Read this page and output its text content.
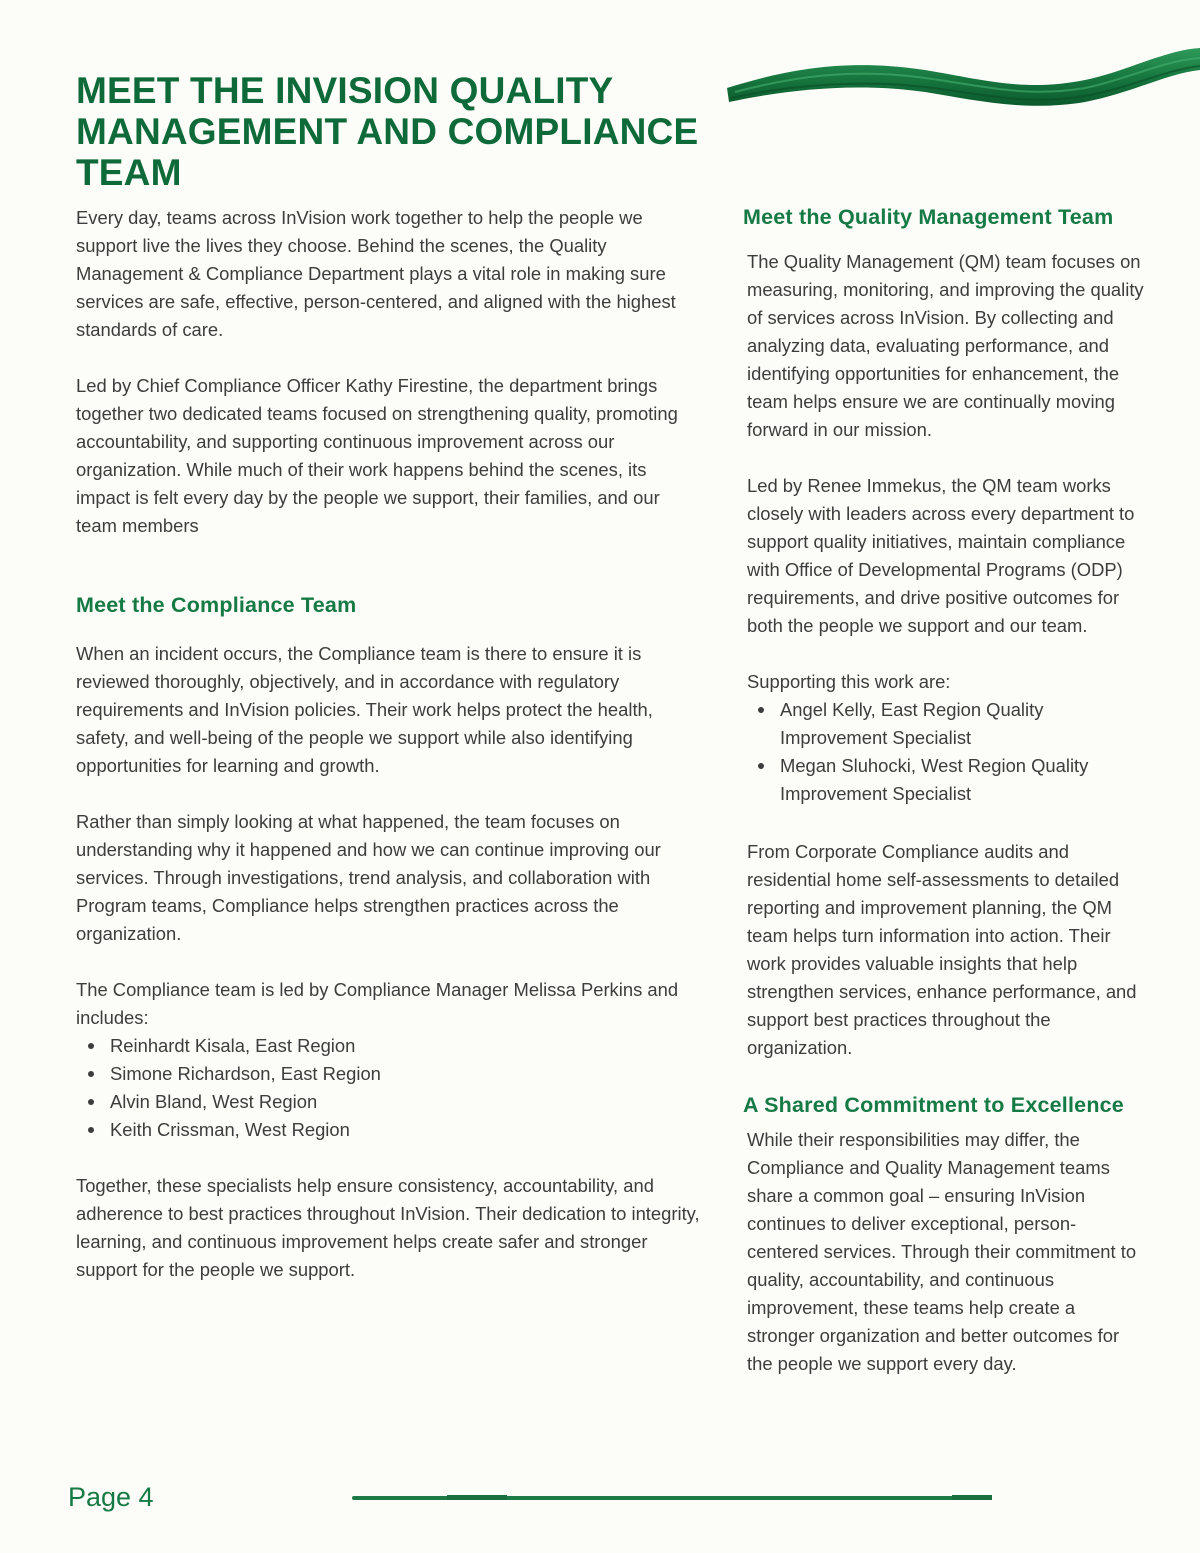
MEET THE INVISION QUALITY MANAGEMENT AND COMPLIANCE TEAM

Every day, teams across InVision work together to help the people we support live the lives they choose. Behind the scenes, the Quality Management & Compliance Department plays a vital role in making sure services are safe, effective, person-centered, and aligned with the highest standards of care.

Led by Chief Compliance Officer Kathy Firestine, the department brings together two dedicated teams focused on strengthening quality, promoting accountability, and supporting continuous improvement across our organization. While much of their work happens behind the scenes, its impact is felt every day by the people we support, their families, and our team members

Meet the Compliance Team

When an incident occurs, the Compliance team is there to ensure it is reviewed thoroughly, objectively, and in accordance with regulatory requirements and InVision policies. Their work helps protect the health, safety, and well-being of the people we support while also identifying opportunities for learning and growth.

Rather than simply looking at what happened, the team focuses on understanding why it happened and how we can continue improving our services. Through investigations, trend analysis, and collaboration with Program teams, Compliance helps strengthen practices across the organization.

The Compliance team is led by Compliance Manager Melissa Perkins and includes:

Reinhardt Kisala, East Region
Simone Richardson, East Region
Alvin Bland, West Region
Keith Crissman, West Region

Together, these specialists help ensure consistency, accountability, and adherence to best practices throughout InVision. Their dedication to integrity, learning, and continuous improvement helps create safer and stronger support for the people we support.

Meet the Quality Management Team

The Quality Management (QM) team focuses on measuring, monitoring, and improving the quality of services across InVision. By collecting and analyzing data, evaluating performance, and identifying opportunities for enhancement, the team helps ensure we are continually moving forward in our mission.

Led by Renee Immekus, the QM team works closely with leaders across every department to support quality initiatives, maintain compliance with Office of Developmental Programs (ODP) requirements, and drive positive outcomes for both the people we support and our team.

Supporting this work are:

Angel Kelly, East Region Quality Improvement Specialist
Megan Sluhocki, West Region Quality Improvement Specialist

From Corporate Compliance audits and residential home self-assessments to detailed reporting and improvement planning, the QM team helps turn information into action. Their work provides valuable insights that help strengthen services, enhance performance, and support best practices throughout the organization.

A Shared Commitment to Excellence

While their responsibilities may differ, the Compliance and Quality Management teams share a common goal – ensuring InVision continues to deliver exceptional, person-centered services. Through their commitment to quality, accountability, and continuous improvement, these teams help create a stronger organization and better outcomes for the people we support every day.

Page 4
